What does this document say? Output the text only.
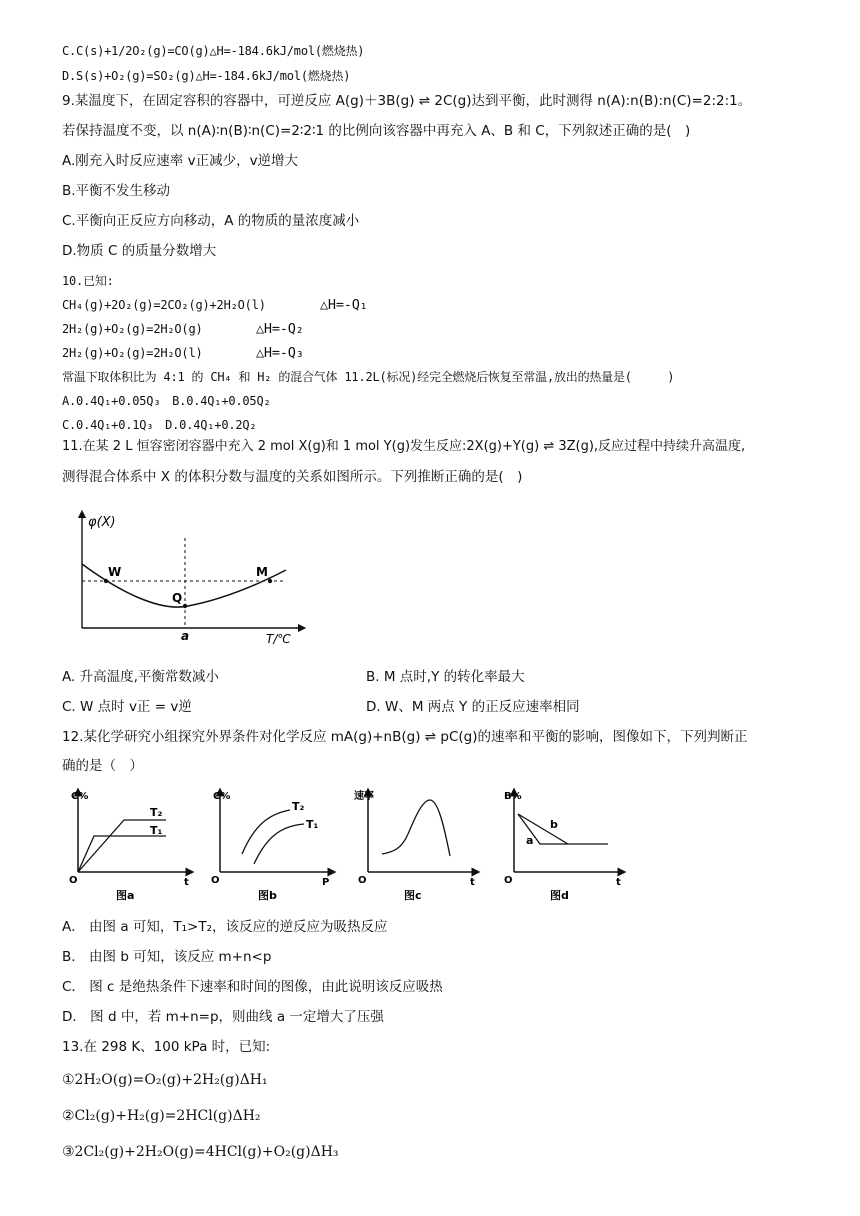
C.C(s)+1/2O₂(g)=CO(g)△H=-184.6kJ/mol(燃烧热)
D.S(s)+O₂(g)=SO₂(g)△H=-184.6kJ/mol(燃烧热)
9.某温度下，在固定容积的容器中，可逆反应 A(g)＋3B(g) ⇌ 2C(g)达到平衡，此时测得 n(A):n(B):n(C)=2:2:1。
若保持温度不变，以 n(A)∶n(B)∶n(C)=2∶2∶1 的比例向该容器中再充入 A、B 和 C，下列叙述正确的是(　)
A.刚充入时反应速率 v正减少，v逆增大
B.平衡不发生移动
C.平衡向正反应方向移动，A 的物质的量浓度减小
D.物质 C 的质量分数增大
10.已知:
CH₄(g)+2O₂(g)=2CO₂(g)+2H₂O(l)	△H=-Q₁
2H₂(g)+O₂(g)=2H₂O(g)	△H=-Q₂
2H₂(g)+O₂(g)=2H₂O(l)	△H=-Q₃
常温下取体积比为 4:1 的 CH₄ 和 H₂ 的混合气体 11.2L(标况)经完全燃烧后恢复至常温,放出的热量是(　　　)
A.0.4Q₁+0.05Q₃　B.0.4Q₁+0.05Q₂
C.0.4Q₁+0.1Q₃　D.0.4Q₁+0.2Q₂
11.在某 2 L 恒容密闭容器中充入 2 mol X(g)和 1 mol Y(g)发生反应:2X(g)+Y(g) ⇌ 3Z(g),反应过程中持续升高温度,
测得混合体系中 X 的体积分数与温度的关系如图所示。下列推断正确的是(　)
φ(X)
T/℃
W	M
Q
a
A. 升高温度,平衡常数减小	B. M 点时,Y 的转化率最大
C. W 点时 v正 = v逆	D. W、M 两点 Y 的正反应速率相同
12.某化学研究小组探究外界条件对化学反应 mA(g)+nB(g) ⇌ pC(g)的速率和平衡的影响，图像如下，下列判断正
确的是（　）
C%
T₂
T₁
O	t
图a
C%
T₂
T₁
O	P
图b
速率
O	t
图c
B%
b
a
O	t
图d
A． 由图 a 可知，T₁>T₂，该反应的逆反应为吸热反应
B． 由图 b 可知，该反应 m+n<p
C． 图 c 是绝热条件下速率和时间的图像，由此说明该反应吸热
D． 图 d 中，若 m+n=p，则曲线 a 一定增大了压强
13.在 298 K、100 kPa 时，已知:
①2H₂O(g)=O₂(g)+2H₂(g)ΔH₁
②Cl₂(g)+H₂(g)=2HCl(g)ΔH₂
③2Cl₂(g)+2H₂O(g)=4HCl(g)+O₂(g)ΔH₃
